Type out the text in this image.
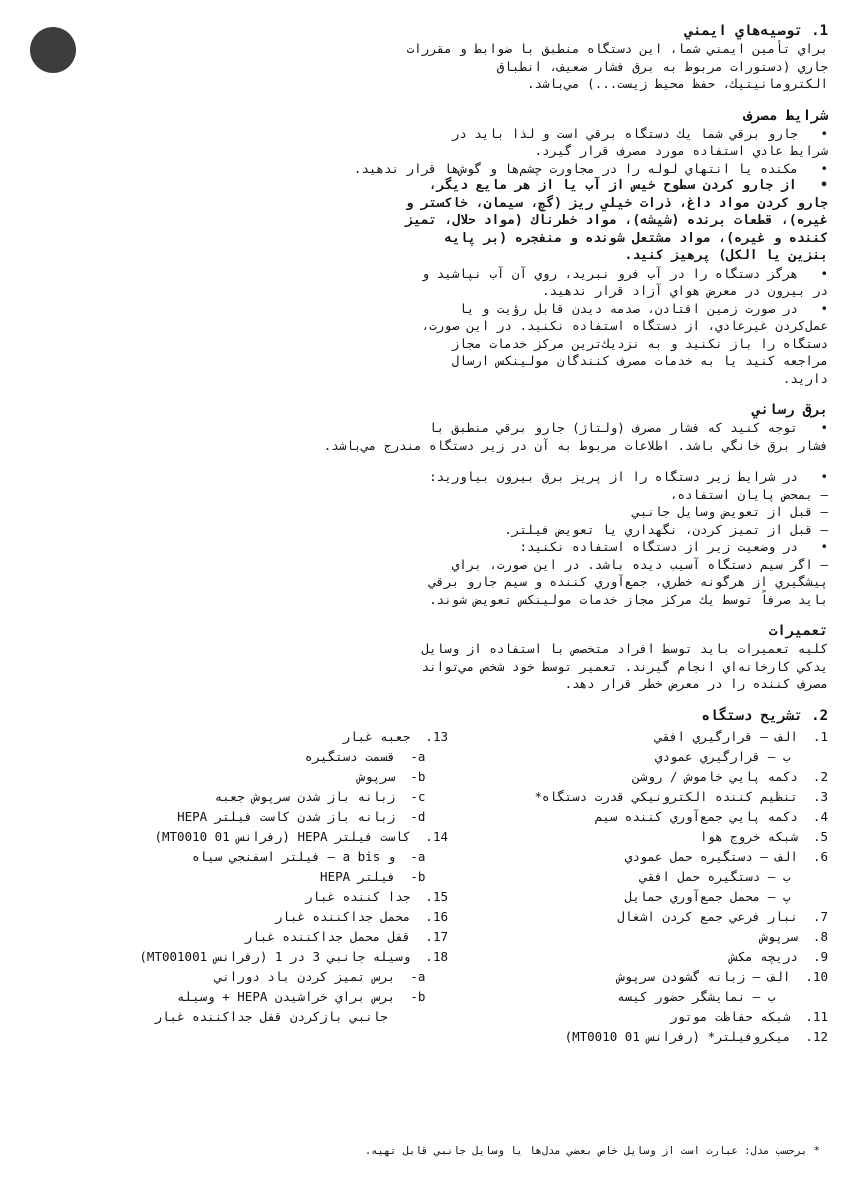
1. توصيه‌هاي ايمني

براي تأمين ايمني شما، اين دستگاه منطبق با ضوابط و مقررات

جاري (دستورات مربوط به برق فشار ضعيف، انطباق

الكترومانيتيك، حفظ محيط زيست...) مي‌باشد.

شرايط مصرف

•   جارو برقي شما يك دستگاه برقي است و لذا بايد در

شرايط عادي استفاده مورد مصرف قرار گيرد.

•   مكنده يا انتهاي لوله را در مجاورت چشم‌ها و گوش‌ها قرار ندهيد.

•   از جارو كردن سطوح خيس از آب يا از هر مايع ديگر،

جارو كردن مواد داغ، ذرات خيلي ريز (گچ، سيمان، خاكستر و

غيره)، قطعات برنده (شيشه)، مواد خطرناك (مواد حلال، تميز

كننده و غيره)، مواد مشتعل شونده و منفجره (بر پايه

بنزين يا الكل) پرهيز كنيد.

•   هرگز دستگاه را در آب فرو نبريد، روي آن آب نپاشيد و

در بيرون در معرض هواي آزاد قرار ندهيد.

•   در صورت زمين افتادن، صدمه ديدن قابل رؤيت و يا

عمل‌كردن غيرعادي، از دستگاه استفاده نكنيد. در اين صورت،

دستگاه را باز نكنيد و به نزديك‌ترين مركز خدمات مجاز

مراجعه كنيد يا به خدمات مصرف كنندگان مولينكس ارسال

داريد.

برق رساني

•   توجه كنيد كه فشار مصرف (ولتاژ) جارو برقي منطبق با

فشار برق خانگي باشد. اطلاعات مربوط به آن در زير دستگاه مندرج مي‌باشد.

•   در شرايط زير دستگاه را از پريز برق بيرون بياوريد:

– بمحض پايان استفاده،

– قبل از تعويض وسايل جانبي

– قبل از تميز كردن، نگهداري يا تعويض فيلتر.

•   در وضعيت زير از دستگاه استفاده نكنيد:

– اگر سيم دستگاه آسيب ديده باشد. در اين صورت، براي

پيشگيري از هرگونه خطري، جمع‌آوري كننده و سيم جارو برقي

بايد صرفاً توسط يك مركز مجاز خدمات مولينكس تعويض شوند.

تعميرات

كليه تعميرات بايد توسط افراد متخصص با استفاده از وسايل

يدكي كارخانه‌اي انجام گيرند. تعمير توسط خود شخص مي‌تواند

مصرف كننده را در معرض خطر قرار دهد.

2. تشريح دستگاه

1.  الف – قرارگيري افقي

ب – قرارگيري عمودي

2.  دكمه پايي خاموش / روشن

3.  تنظيم كننده الكترونيكي قدرت دستگاه*

4.  دكمه پايي جمع‌آوري كننده سيم

5.  شبكه خروج هوا

6.  الف – دستگيره حمل عمودي

ب – دستگيره حمل افقي

پ – محمل جمع‌آوري حمايل

7.  نبار فرعي جمع كردن اشغال

8.  سرپوش

9.  دريچه مكش

10.  الف – زبانه گشودن سرپوش

ب – نمايشگر حضور كيسه

11.  شبكه حفاظت موتور

12.  ميكروفيلتر* (رفرانس MT0010 01)

13.  جعبه غبار

a-  قسمت دستگيره

b-  سرپوش

c-  زبانه باز شدن سرپوش جعبه

d-  زبانه باز شدن كاست فيلتر HEPA

14.  كاست فيلتر HEPA (رفرانس MT0010 01)

a-  و a bis – فيلتر اسفنجي سياه

b-  فيلتر HEPA

15.  جدا كننده غبار

16.  محمل جداكننده غبار

17.  قفل محمل جداكننده غبار

18.  وسيله جانبي 3 در 1 (رفرانس MT001001)

a-  برس تميز كردن باد دوراني

b-  برس براي خراشيدن HEPA + وسيله

جانبي بازكردن قفل جداكننده غبار

* برحسب مدل: عبارت است از وسايل خاص بعضي مدل‌ها يا وسايل جانبي قابل تهيه.
